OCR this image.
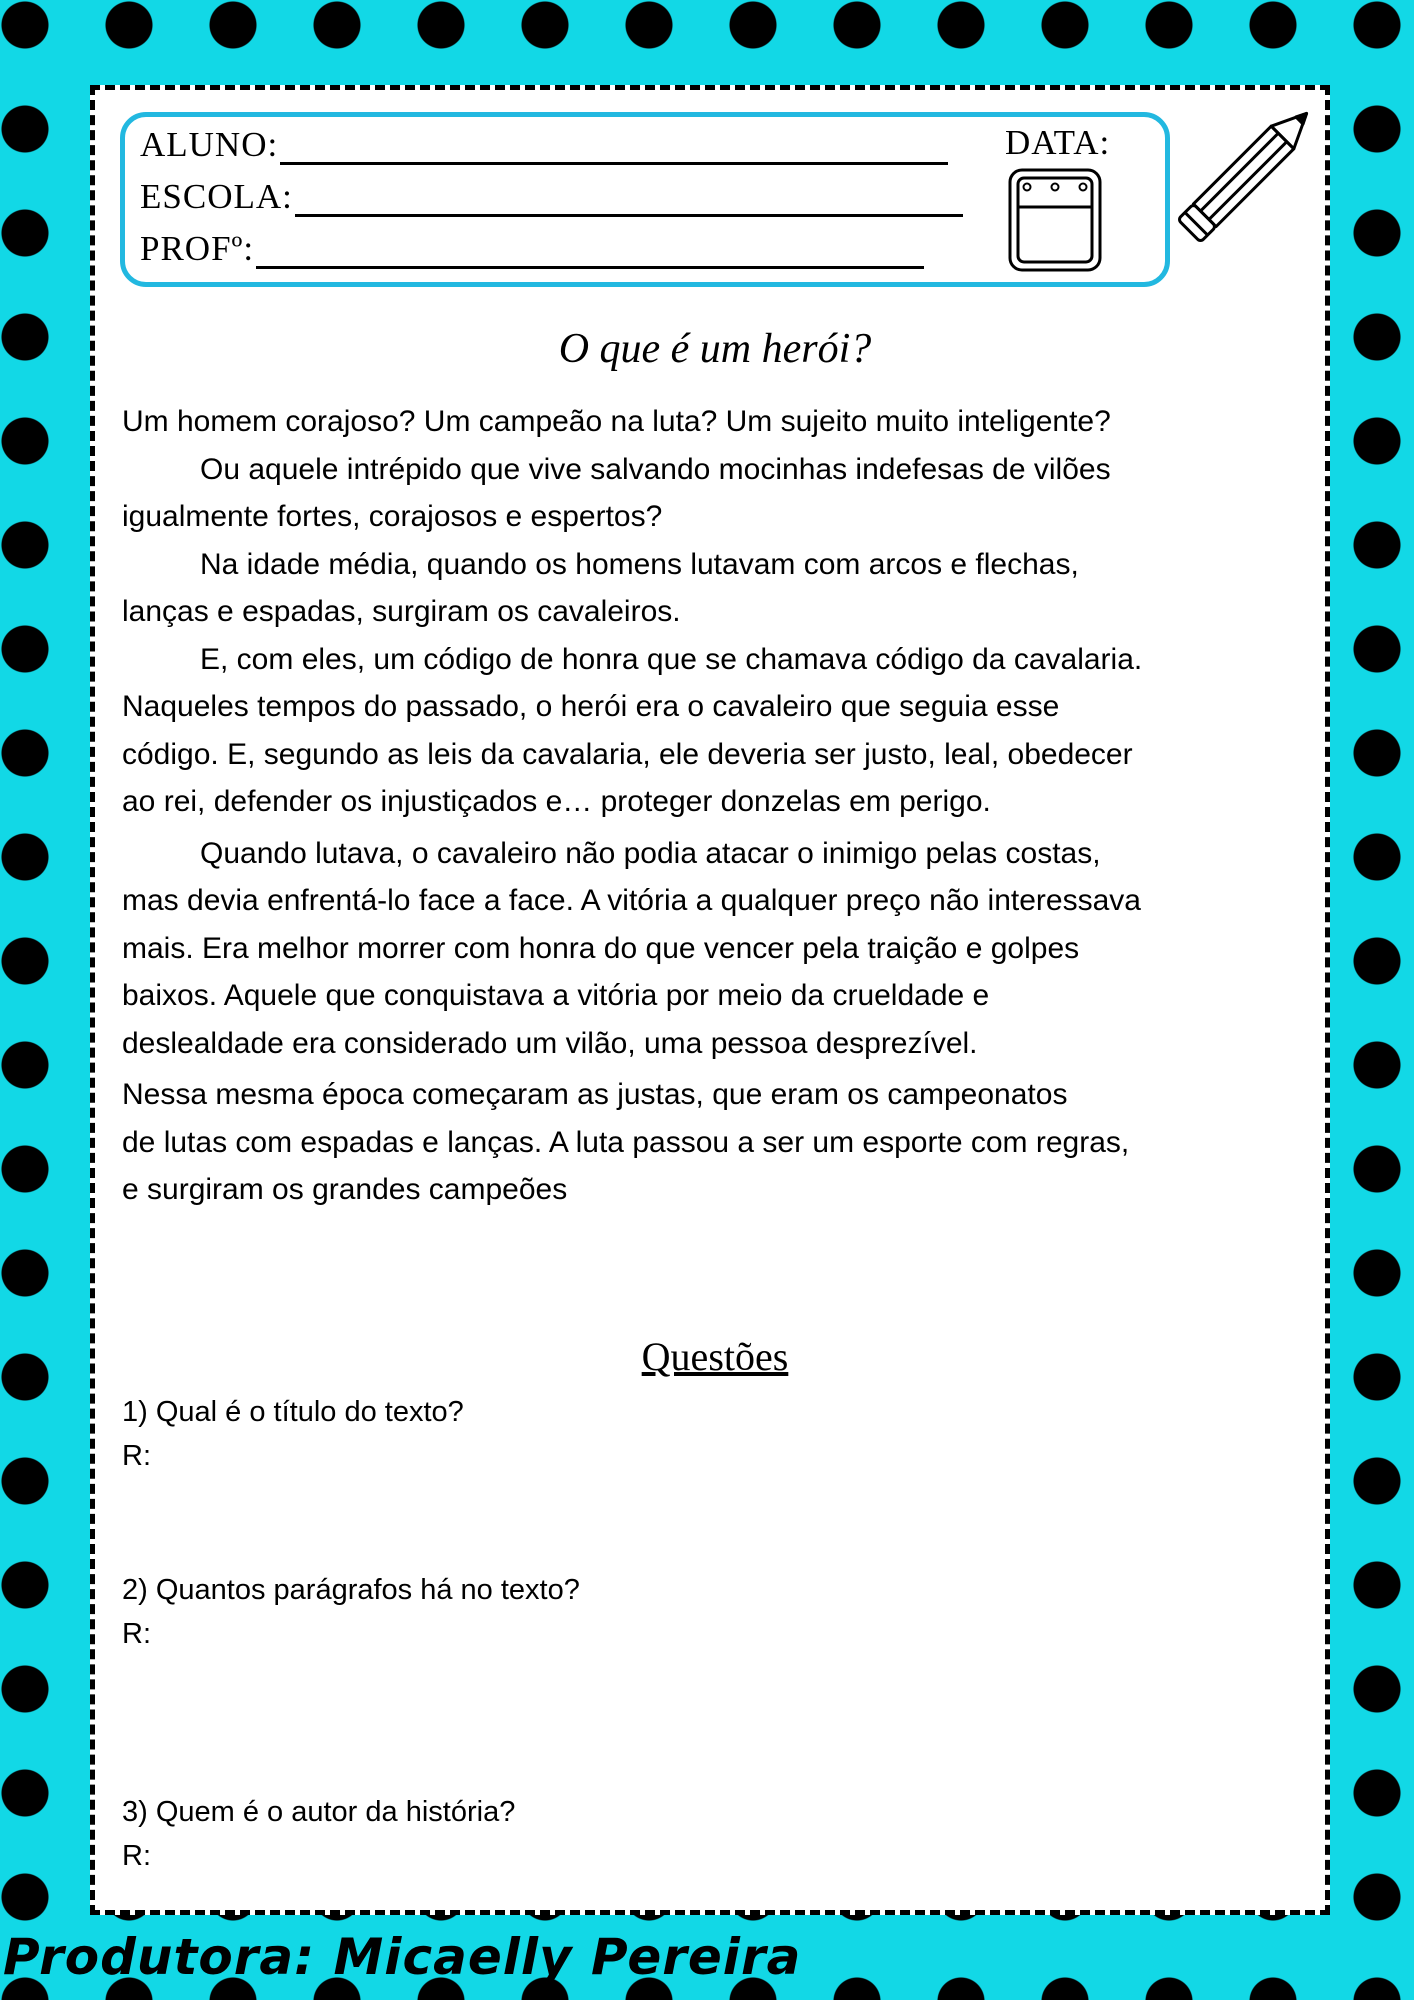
ALUNO:
ESCOLA:
PROFº:
DATA:
O que é um herói?

Um homem corajoso? Um campeão na luta? Um sujeito muito inteligente?

Ou aquele intrépido que vive salvando mocinhas indefesas de vilões

igualmente fortes, corajosos e espertos?

Na idade média, quando os homens lutavam com arcos e flechas,

lanças e espadas, surgiram os cavaleiros.

E, com eles, um código de honra que se chamava código da cavalaria.

Naqueles tempos do passado, o herói era o cavaleiro que seguia esse

código. E, segundo as leis da cavalaria, ele deveria ser justo, leal, obedecer

ao rei, defender os injustiçados e… proteger donzelas em perigo.

Quando lutava, o cavaleiro não podia atacar o inimigo pelas costas,

mas devia enfrentá-lo face a face. A vitória a qualquer preço não interessava

mais. Era melhor morrer com honra do que vencer pela traição e golpes

baixos. Aquele que conquistava a vitória por meio da crueldade e

deslealdade era considerado um vilão, uma pessoa desprezível.

Nessa mesma época começaram as justas, que eram os campeonatos

de lutas com espadas e lanças. A luta passou a ser um esporte com regras,

e surgiram os grandes campeões

Questões
1) Qual é o título do texto?
R:
2) Quantos parágrafos há no texto?
R:
3) Quem é o autor da história?
R:
Produtora: Micaelly Pereira
